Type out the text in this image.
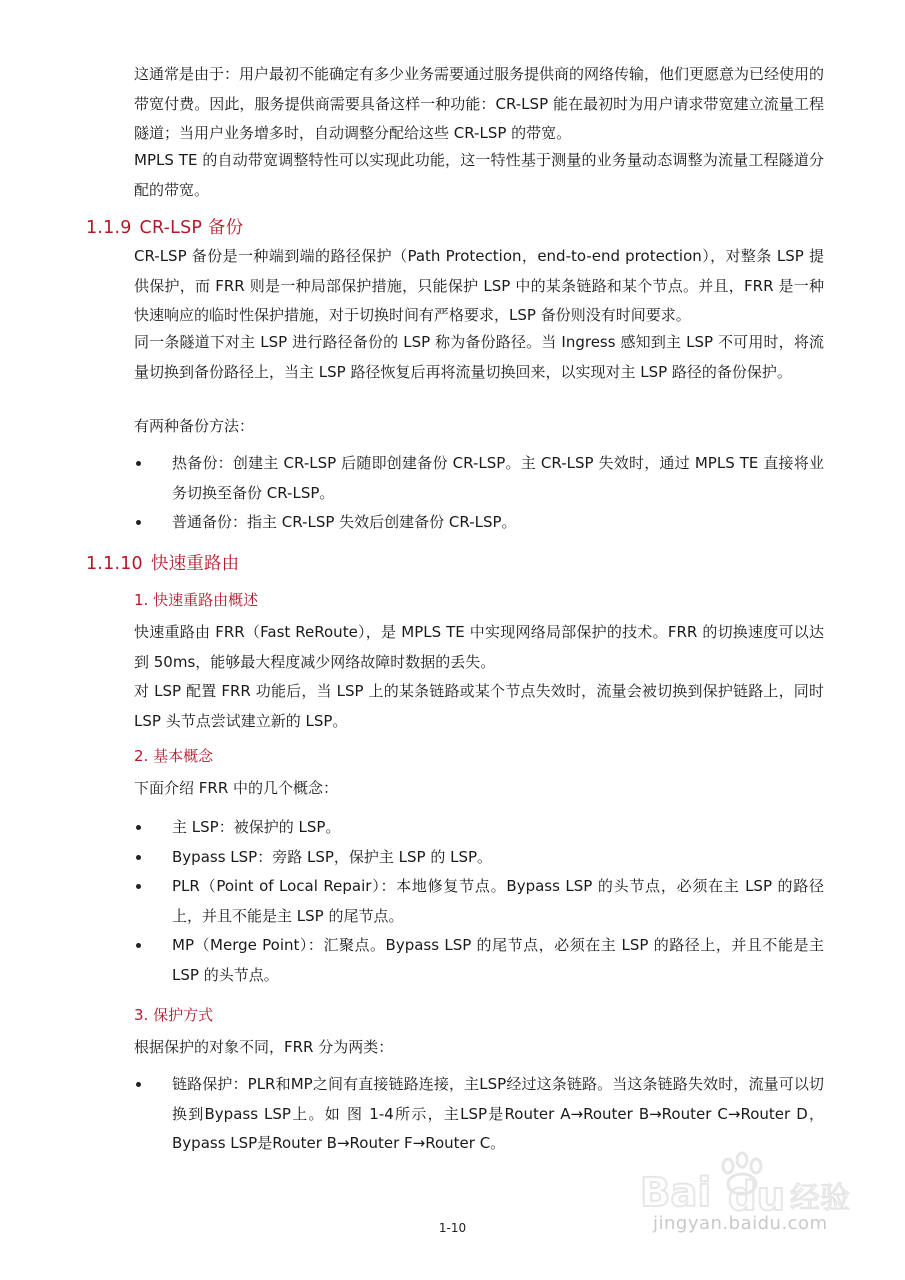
这通常是由于：用户最初不能确定有多少业务需要通过服务提供商的网络传输，他们更愿意为已经使用的带宽付费。因此，服务提供商需要具备这样一种功能：CR-LSP 能在最初时为用户请求带宽建立流量工程隧道；当用户业务增多时，自动调整分配给这些 CR-LSP 的带宽。

MPLS TE 的自动带宽调整特性可以实现此功能，这一特性基于测量的业务量动态调整为流量工程隧道分配的带宽。

1.1.9 CR-LSP 备份

CR-LSP 备份是一种端到端的路径保护（Path Protection，end-to-end protection），对整条 LSP 提供保护，而 FRR 则是一种局部保护措施，只能保护 LSP 中的某条链路和某个节点。并且，FRR 是一种快速响应的临时性保护措施，对于切换时间有严格要求，LSP 备份则没有时间要求。

同一条隧道下对主 LSP 进行路径备份的 LSP 称为备份路径。当 Ingress 感知到主 LSP 不可用时，将流量切换到备份路径上，当主 LSP 路径恢复后再将流量切换回来，以实现对主 LSP 路径的备份保护。

有两种备份方法：

热备份：创建主 CR-LSP 后随即创建备份 CR-LSP。主 CR-LSP 失效时，通过 MPLS TE 直接将业务切换至备份 CR-LSP。
普通备份：指主 CR-LSP 失效后创建备份 CR-LSP。
1.1.10 快速重路由
1. 快速重路由概述

快速重路由 FRR（Fast ReRoute），是 MPLS TE 中实现网络局部保护的技术。FRR 的切换速度可以达到 50ms，能够最大程度减少网络故障时数据的丢失。

对 LSP 配置 FRR 功能后，当 LSP 上的某条链路或某个节点失效时，流量会被切换到保护链路上，同时 LSP 头节点尝试建立新的 LSP。

2. 基本概念

下面介绍 FRR 中的几个概念：

主 LSP：被保护的 LSP。
Bypass LSP：旁路 LSP，保护主 LSP 的 LSP。
PLR（Point of Local Repair）：本地修复节点。Bypass LSP 的头节点，必须在主 LSP 的路径上，并且不能是主 LSP 的尾节点。
MP（Merge Point）：汇聚点。Bypass LSP 的尾节点，必须在主 LSP 的路径上，并且不能是主 LSP 的头节点。
3. 保护方式

根据保护的对象不同，FRR 分为两类：

链路保护：PLR和MP之间有直接链路连接，主LSP经过这条链路。当这条链路失效时，流量可以切换到Bypass LSP上。如 图 1-4所示，主LSP是Router A→Router B→Router C→Router D，Bypass LSP是Router B→Router F→Router C。
Bai du 经验
jingyan.baidu.com
1-10
